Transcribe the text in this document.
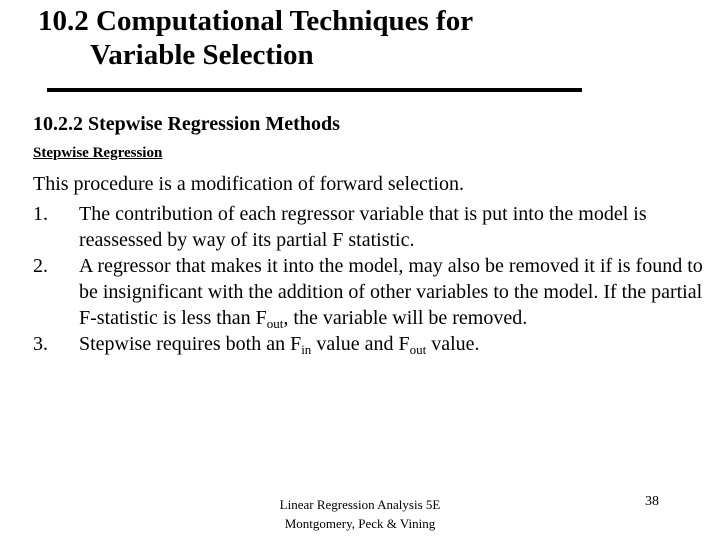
10.2 Computational Techniques for
Variable Selection
10.2.2 Stepwise Regression Methods
Stepwise Regression
This procedure is a modification of forward selection.
1.	The contribution of each regressor variable that is put into the model is reassessed by way of its partial F statistic.
2.	A regressor that makes it into the model, may also be removed it if is found to be insignificant with the addition of other variables to the model. If the partial F-statistic is less than $F_{out}$, the variable will be removed.
3.	Stepwise requires both an $F_{in}$ value and $F_{out}$ value.
Linear Regression Analysis 5E
Montgomery, Peck & Vining
38
